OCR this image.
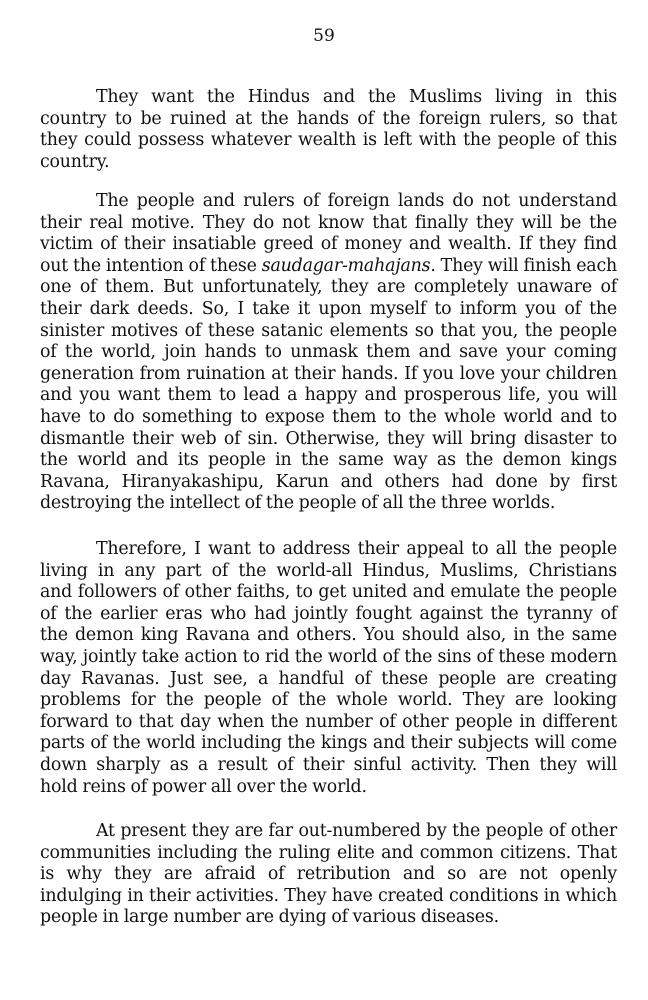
59
They want the Hindus and the Muslims living in this
country to be ruined at the hands of the foreign rulers, so that
they could possess whatever wealth is left with the people of this
country.
The people and rulers of foreign lands do not understand
their real motive. They do not know that finally they will be the
victim of their insatiable greed of money and wealth. If they find
out the intention of these saudagar-mahajans. They will finish each
one of them. But unfortunately, they are completely unaware of
their dark deeds. So, I take it upon myself to inform you of the
sinister motives of these satanic elements so that you, the people
of the world, join hands to unmask them and save your coming
generation from ruination at their hands. If you love your children
and you want them to lead a happy and prosperous life, you will
have to do something to expose them to the whole world and to
dismantle their web of sin. Otherwise, they will bring disaster to
the world and its people in the same way as the demon kings
Ravana, Hiranyakashipu, Karun and others had done by first
destroying the intellect of the people of all the three worlds.
Therefore, I want to address their appeal to all the people
living in any part of the world-all Hindus, Muslims, Christians
and followers of other faiths, to get united and emulate the people
of the earlier eras who had jointly fought against the tyranny of
the demon king Ravana and others. You should also, in the same
way, jointly take action to rid the world of the sins of these modern
day Ravanas. Just see, a handful of these people are creating
problems for the people of the whole world. They are looking
forward to that day when the number of other people in different
parts of the world including the kings and their subjects will come
down sharply as a result of their sinful activity. Then they will
hold reins of power all over the world.
At present they are far out-numbered by the people of other
communities including the ruling elite and common citizens. That
is why they are afraid of retribution and so are not openly
indulging in their activities. They have created conditions in which
people in large number are dying of various diseases.
